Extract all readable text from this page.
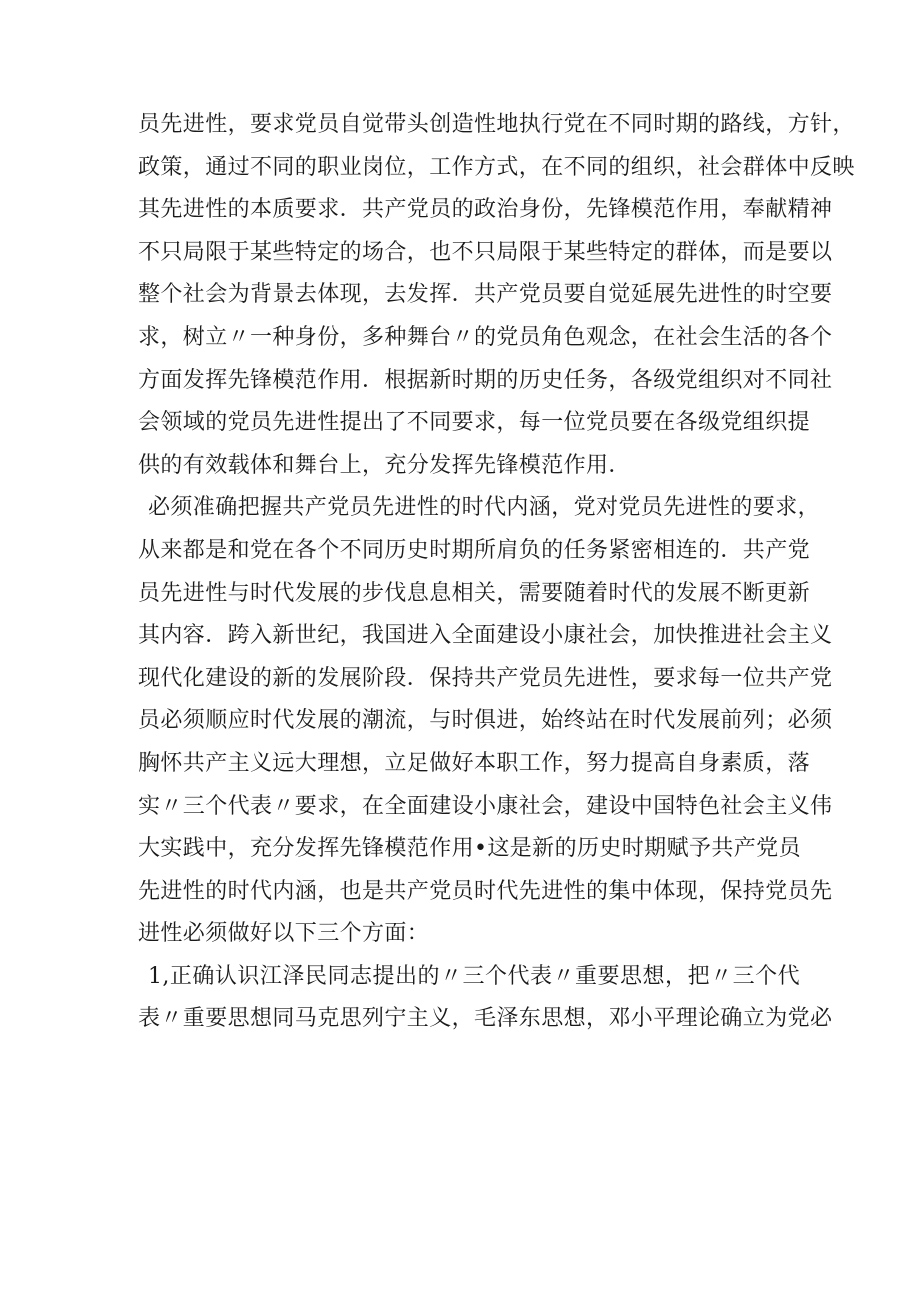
员先进性，要求党员自觉带头创造性地执行党在不同时期的路线，方针，
政策，通过不同的职业岗位，工作方式，在不同的组织，社会群体中反映
其先进性的本质要求．共产党员的政治身份，先锋模范作用，奉献精神
不只局限于某些特定的场合，也不只局限于某些特定的群体，而是要以
整个社会为背景去体现，去发挥．共产党员要自觉延展先进性的时空要
求，树立〃一种身份，多种舞台〃的党员角色观念，在社会生活的各个
方面发挥先锋模范作用．根据新时期的历史任务，各级党组织对不同社
会领域的党员先进性提出了不同要求，每一位党员要在各级党组织提
供的有效载体和舞台上，充分发挥先锋模范作用．
必须准确把握共产党员先进性的时代内涵，党对党员先进性的要求，
从来都是和党在各个不同历史时期所肩负的任务紧密相连的．共产党
员先进性与时代发展的步伐息息相关，需要随着时代的发展不断更新
其内容．跨入新世纪，我国进入全面建设小康社会，加快推进社会主义
现代化建设的新的发展阶段．保持共产党员先进性，要求每一位共产党
员必须顺应时代发展的潮流，与时俱进，始终站在时代发展前列；必须
胸怀共产主义远大理想，立足做好本职工作，努力提高自身素质，落
实〃三个代表〃要求，在全面建设小康社会，建设中国特色社会主义伟
大实践中，充分发挥先锋模范作用•这是新的历史时期赋予共产党员
先进性的时代内涵，也是共产党员时代先进性的集中体现，保持党员先
进性必须做好以下三个方面：
1,正确认识江泽民同志提出的〃三个代表〃重要思想，把〃三个代
表〃重要思想同马克思列宁主义，毛泽东思想，邓小平理论确立为党必
